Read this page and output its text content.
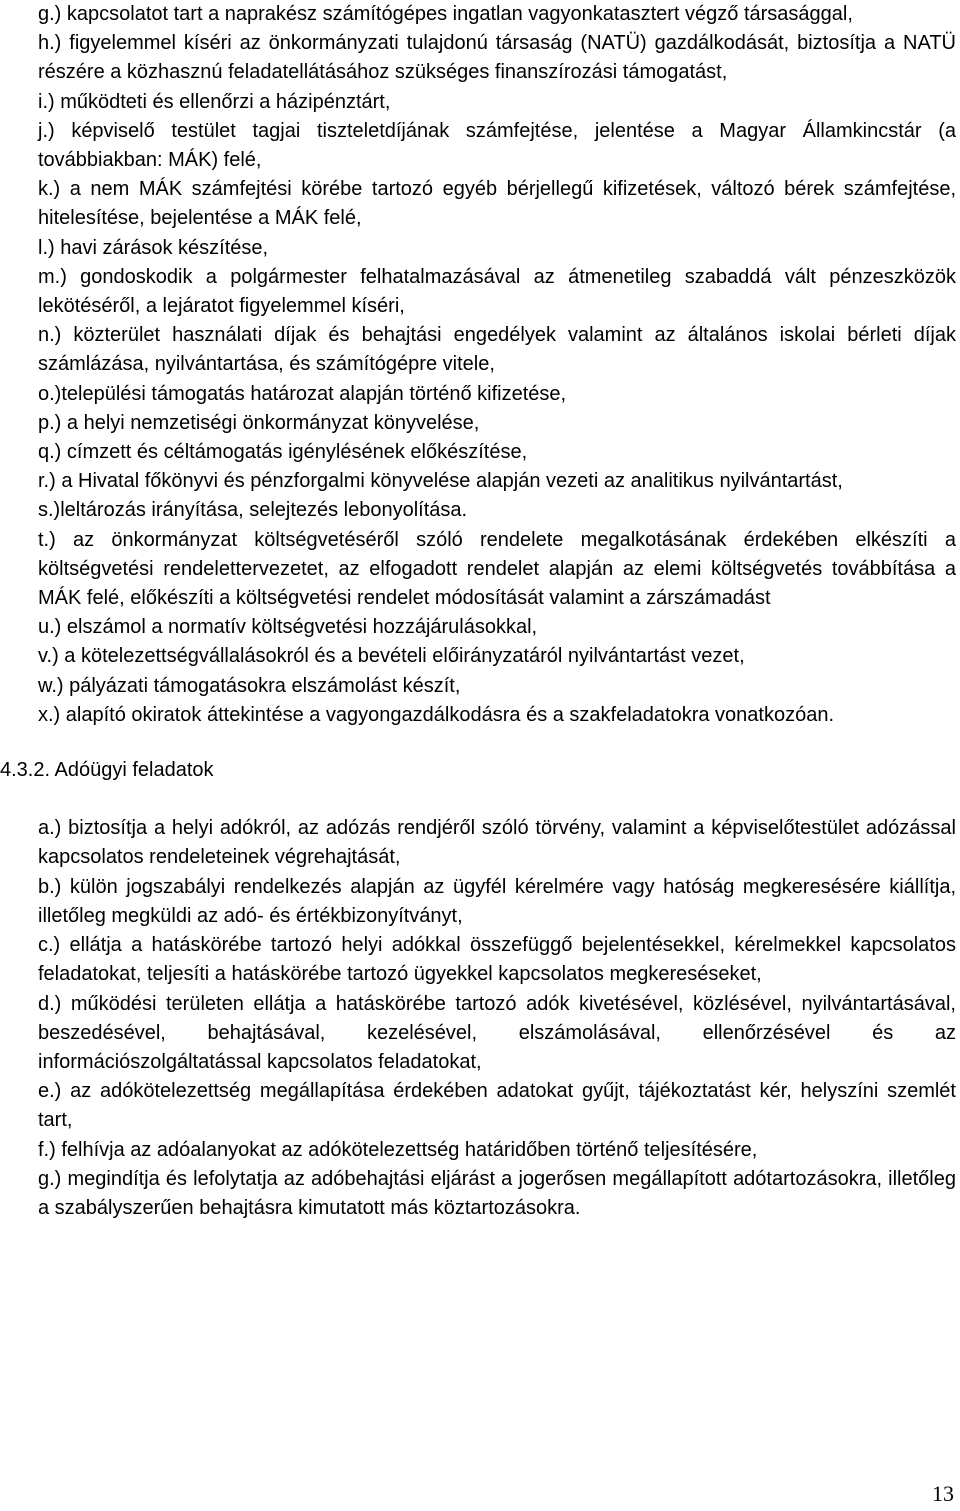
g.) kapcsolatot tart a naprakész számítógépes ingatlan vagyonkatasztert végző társasággal,

h.) figyelemmel kíséri az önkormányzati tulajdonú társaság (NATÜ) gazdálkodását, biztosítja a NATÜ részére a közhasznú feladatellátásához szükséges finanszírozási támogatást,

i.) működteti és ellenőrzi a házipénztárt,

j.) képviselő testület tagjai tiszteletdíjának számfejtése, jelentése a Magyar Államkincstár (a továbbiakban: MÁK) felé,

k.) a nem MÁK számfejtési körébe tartozó egyéb bérjellegű kifizetések, változó bérek számfejtése, hitelesítése, bejelentése a MÁK felé,

l.) havi zárások készítése,

m.) gondoskodik a polgármester felhatalmazásával az átmenetileg szabaddá vált pénzeszközök lekötéséről, a lejáratot figyelemmel kíséri,

n.) közterület használati díjak és behajtási engedélyek valamint az általános iskolai bérleti díjak számlázása, nyilvántartása, és számítógépre vitele,

o.)települési támogatás határozat alapján történő kifizetése,

p.) a helyi nemzetiségi önkormányzat könyvelése,

q.) címzett és céltámogatás igénylésének előkészítése,

r.) a Hivatal főkönyvi és pénzforgalmi könyvelése alapján vezeti az analitikus nyilvántartást,

s.)leltározás irányítása, selejtezés lebonyolítása.

t.) az önkormányzat költségvetéséről szóló rendelete megalkotásának érdekében elkészíti a költségvetési rendelettervezetet, az elfogadott rendelet alapján az elemi költségvetés továbbítása a MÁK felé, előkészíti a költségvetési rendelet módosítását valamint a zárszámadást

u.) elszámol a normatív költségvetési hozzájárulásokkal,

v.) a kötelezettségvállalásokról és a bevételi előirányzatáról nyilvántartást vezet,

w.) pályázati támogatásokra elszámolást készít,

x.) alapító okiratok áttekintése a vagyongazdálkodásra és a szakfeladatokra vonatkozóan.

4.3.2. Adóügyi feladatok

a.) biztosítja a helyi adókról, az adózás rendjéről szóló törvény, valamint a képviselőtestület adózással kapcsolatos rendeleteinek végrehajtását,

b.) külön jogszabályi rendelkezés alapján az ügyfél kérelmére vagy hatóság megkeresésére kiállítja, illetőleg megküldi az adó- és értékbizonyítványt,

c.) ellátja a hatáskörébe tartozó helyi adókkal összefüggő bejelentésekkel, kérelmekkel kapcsolatos feladatokat, teljesíti a hatáskörébe tartozó ügyekkel kapcsolatos megkereséseket,

d.) működési területen ellátja a hatáskörébe tartozó adók kivetésével, közlésével, nyilvántartásával, beszedésével, behajtásával, kezelésével, elszámolásával, ellenőrzésével és az információszolgáltatással kapcsolatos feladatokat,

e.) az adókötelezettség megállapítása érdekében adatokat gyűjt, tájékoztatást kér, helyszíni szemlét tart,

f.) felhívja az adóalanyokat az adókötelezettség határidőben történő teljesítésére,

g.) megindítja és lefolytatja az adóbehajtási eljárást a jogerősen megállapított adótartozásokra, illetőleg a szabályszerűen behajtásra kimutatott más köztartozásokra.

13
